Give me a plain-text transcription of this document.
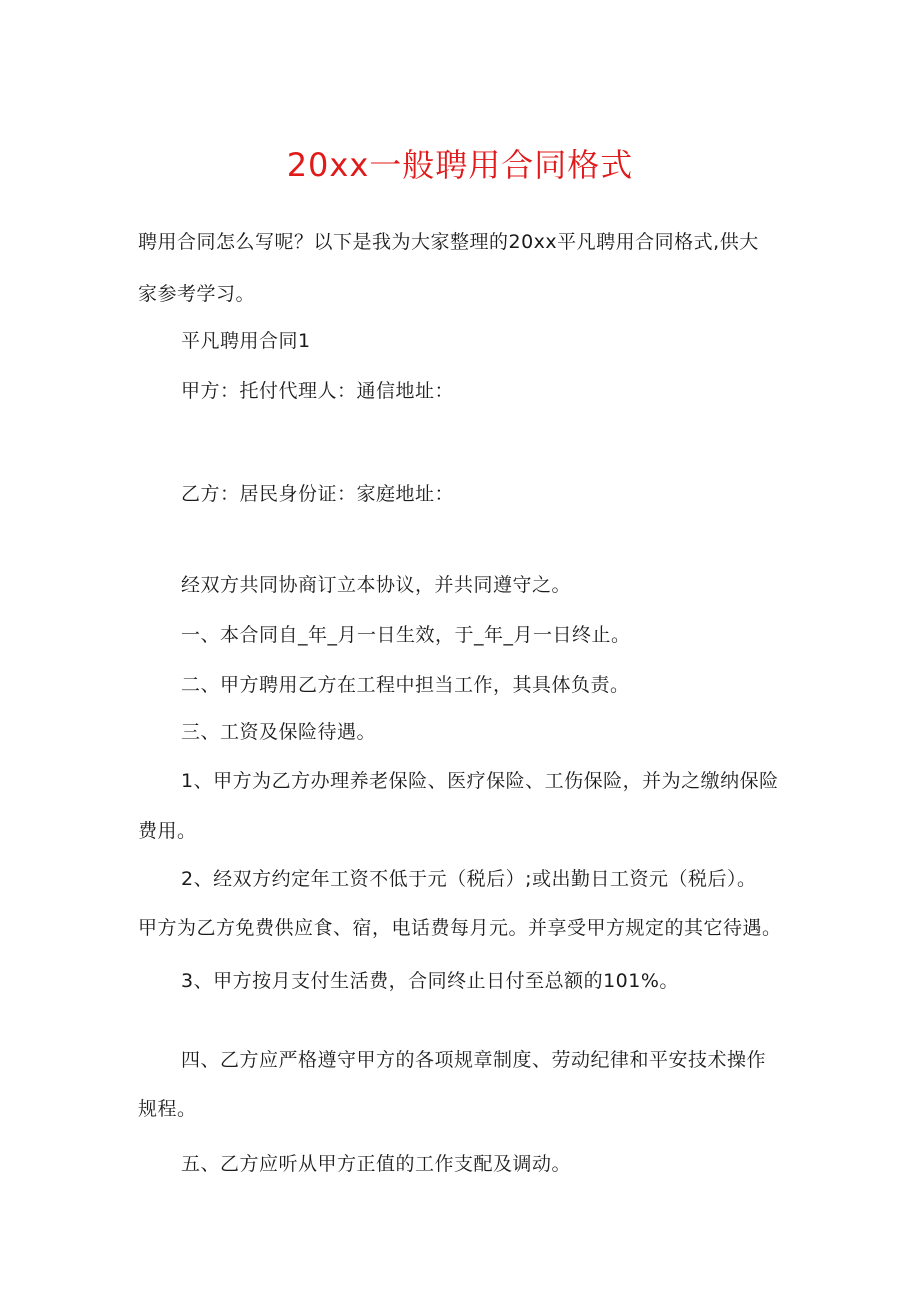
20xx一般聘用合同格式

聘用合同怎么写呢？以下是我为大家整理的20xx平凡聘用合同格式,供大

家参考学习。

平凡聘用合同1

甲方：托付代理人：通信地址：

乙方：居民身份证：家庭地址：

经双方共同协商订立本协议，并共同遵守之。

一、本合同自_年_月一日生效，于_年_月一日终止。

二、甲方聘用乙方在工程中担当工作，其具体负责。

三、工资及保险待遇。

1、甲方为乙方办理养老保险、医疗保险、工伤保险，并为之缴纳保险

费用。

2、经双方约定年工资不低于元（税后）;或出勤日工资元（税后）。

甲方为乙方免费供应食、宿，电话费每月元。并享受甲方规定的其它待遇。

3、甲方按月支付生活费，合同终止日付至总额的101%。

四、乙方应严格遵守甲方的各项规章制度、劳动纪律和平安技术操作

规程。

五、乙方应听从甲方正值的工作支配及调动。
